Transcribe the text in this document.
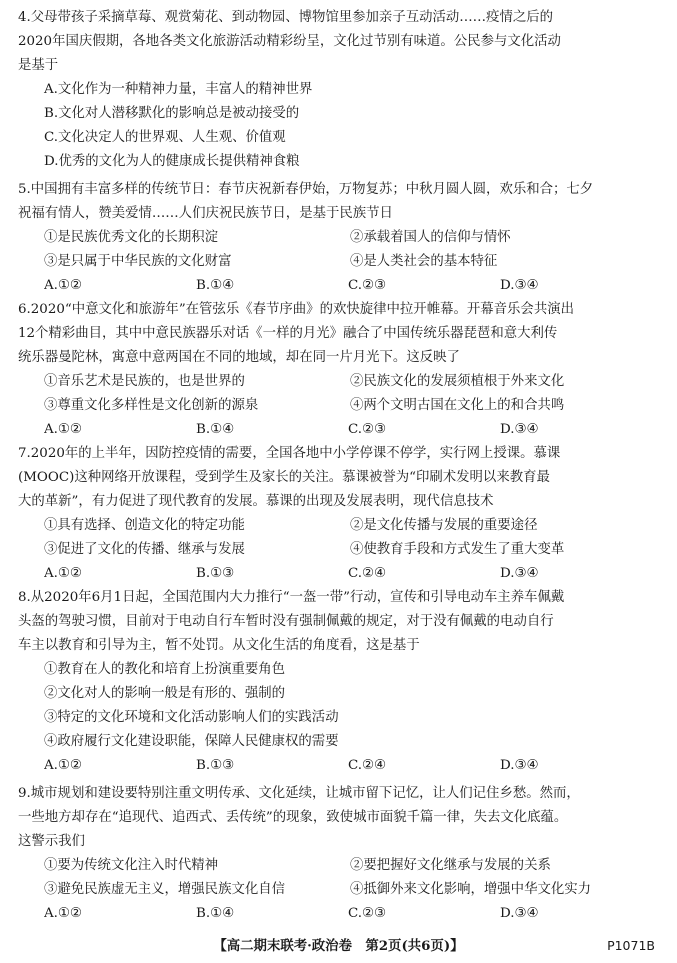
4.父母带孩子采摘草莓、观赏菊花、到动物园、博物馆里参加亲子互动活动……疫情之后的
2020年国庆假期，各地各类文化旅游活动精彩纷呈，文化过节别有味道。公民参与文化活动
是基于
A.文化作为一种精神力量，丰富人的精神世界
B.文化对人潜移默化的影响总是被动接受的
C.文化决定人的世界观、人生观、价值观
D.优秀的文化为人的健康成长提供精神食粮
5.中国拥有丰富多样的传统节日：春节庆祝新春伊始，万物复苏；中秋月圆人圆，欢乐和合；七夕
祝福有情人，赞美爱情……人们庆祝民族节日，是基于民族节日
①是民族优秀文化的长期积淀	②承载着国人的信仰与情怀
③是只属于中华民族的文化财富	④是人类社会的基本特征
A.①②	B.①④	C.②③	D.③④
6.2020“中意文化和旅游年”在管弦乐《春节序曲》的欢快旋律中拉开帷幕。开幕音乐会共演出
12个精彩曲目，其中中意民族器乐对话《一样的月光》融合了中国传统乐器琵琶和意大利传
统乐器曼陀林，寓意中意两国在不同的地域，却在同一片月光下。这反映了
①音乐艺术是民族的，也是世界的	②民族文化的发展须植根于外来文化
③尊重文化多样性是文化创新的源泉	④两个文明古国在文化上的和合共鸣
A.①②	B.①④	C.②③	D.③④
7.2020年的上半年，因防控疫情的需要，全国各地中小学停课不停学，实行网上授课。慕课
(MOOC)这种网络开放课程，受到学生及家长的关注。慕课被誉为“印刷术发明以来教育最
大的革新”，有力促进了现代教育的发展。慕课的出现及发展表明，现代信息技术
①具有选择、创造文化的特定功能	②是文化传播与发展的重要途径
③促进了文化的传播、继承与发展	④使教育手段和方式发生了重大变革
A.①②	B.①③	C.②④	D.③④
8.从2020年6月1日起，全国范围内大力推行“一盔一带”行动，宣传和引导电动车主养车佩戴
头盔的驾驶习惯，目前对于电动自行车暂时没有强制佩戴的规定，对于没有佩戴的电动自行
车主以教育和引导为主，暂不处罚。从文化生活的角度看，这是基于
①教育在人的教化和培育上扮演重要角色
②文化对人的影响一般是有形的、强制的
③特定的文化环境和文化活动影响人们的实践活动
④政府履行文化建设职能，保障人民健康权的需要
A.①②	B.①③	C.②④	D.③④
9.城市规划和建设要特别注重文明传承、文化延续，让城市留下记忆，让人们记住乡愁。然而，
一些地方却存在“追现代、追西式、丢传统”的现象，致使城市面貌千篇一律，失去文化底蕴。
这警示我们
①要为传统文化注入时代精神	②要把握好文化继承与发展的关系
③避免民族虚无主义，增强民族文化自信	④抵御外来文化影响，增强中华文化实力
A.①②	B.①④	C.②③	D.③④
【高二期末联考·政治卷　第2页(共6页)】	P1071B
